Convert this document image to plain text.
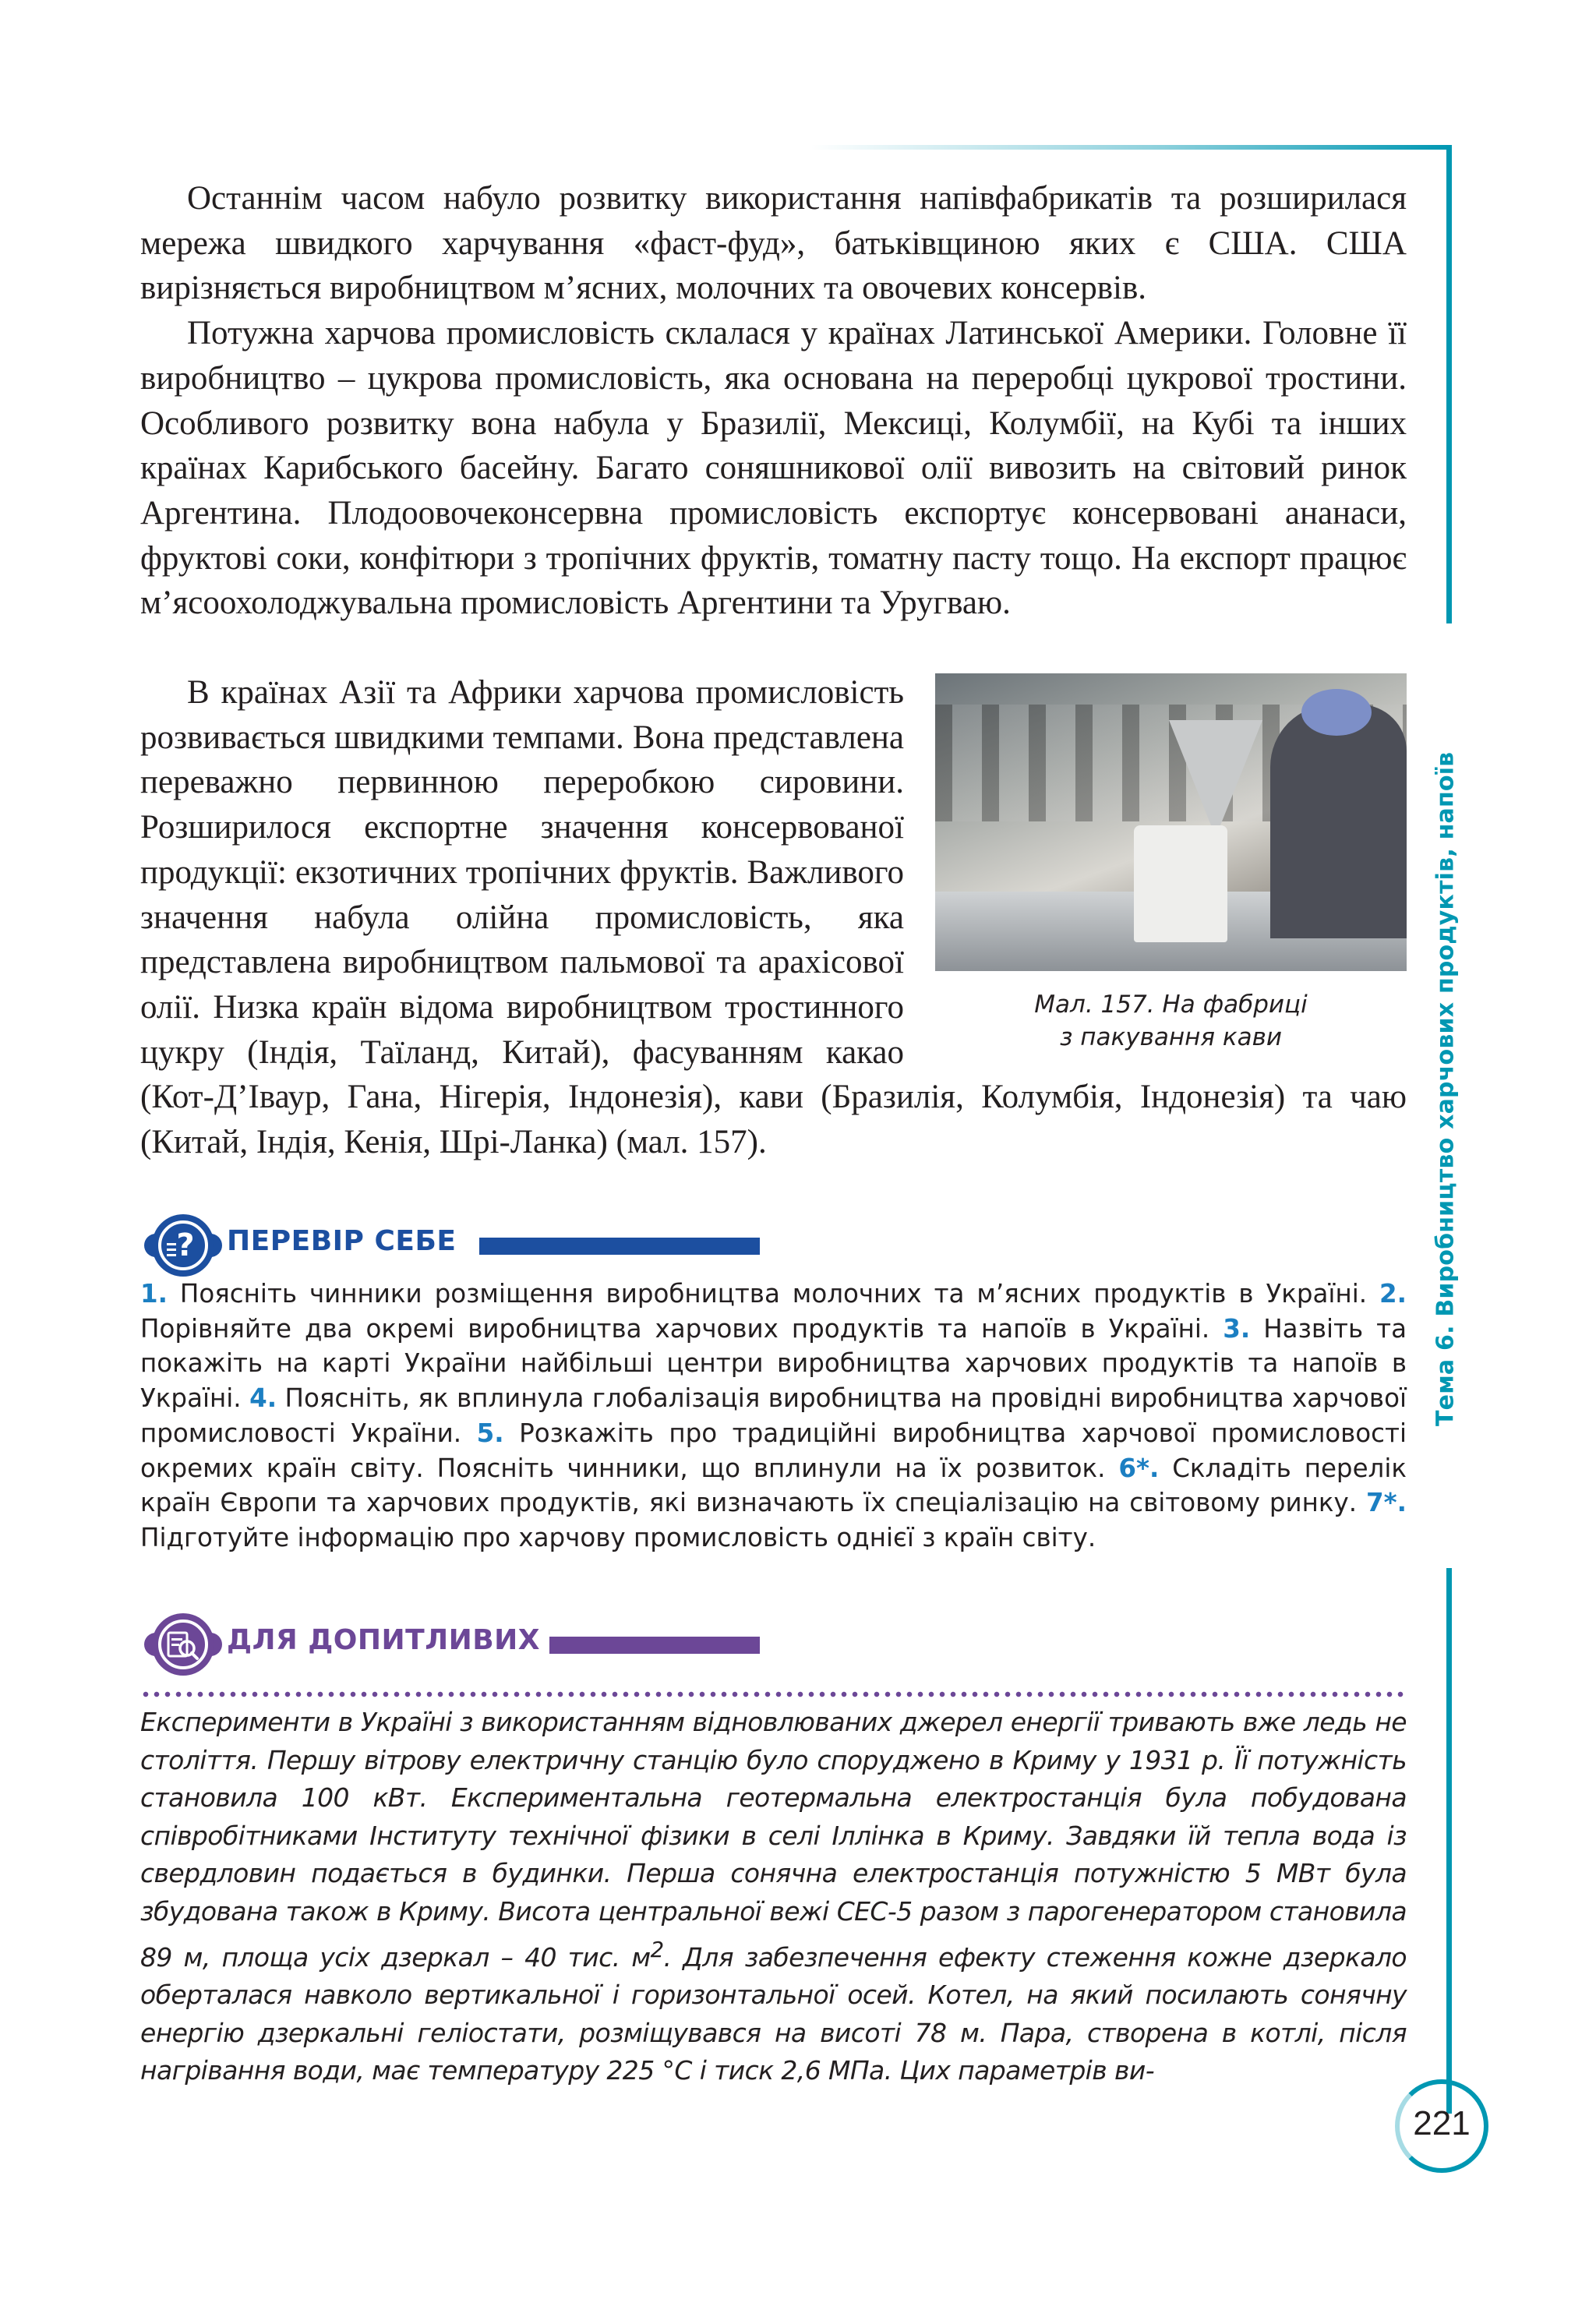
Тема 6. Виробництво харчових продуктів, напоїв
221

Останнім часом набуло розвитку використання напівфабрикатів та розширилася мережа швидкого харчування «фаст-фуд», батьківщиною яких є США. США вирізняється виробництвом м’ясних, молочних та овочевих консервів.

Потужна харчова промисловість склалася у країнах Латинської Америки. Головне її виробництво – цукрова промисловість, яка основана на переробці цукрової тростини. Особливого розвитку вона набула у Бразилії, Мексиці, Колумбії, на Кубі та інших країнах Карибського басейну. Багато соняшникової олії вивозить на світовий ринок Аргентина. Плодоовочеконсервна промисловість експортує консервовані ананаси, фруктові соки, конфітюри з тропічних фруктів, томатну пасту тощо. На експорт працює м’ясоохолоджувальна промисловість Аргентини та Уругваю.

Мал. 157. На фабриці
з пакування кави

В країнах Азії та Африки харчова промисловість розвивається швидкими темпами. Вона представлена переважно первинною переробкою сировини. Розширилося експортне значення консервованої продукції: екзотичних тропічних фруктів. Важливого значення набула олійна промисловість, яка представлена виробництвом пальмової та арахісової олії. Низка країн відома виробництвом тростинного цукру (Індія, Таїланд, Китай), фасуванням какао (Кот-Д’Іваур, Гана, Нігерія, Індонезія), кави (Бразилія, Колумбія, Індонезія) та чаю (Китай, Індія, Кенія, Шрі-Ланка) (мал. 157).

? ПЕРЕВІР СЕБЕ

1. Поясніть чинники розміщення виробництва молочних та м’ясних продуктів в Україні. 2. Порівняйте два окремі виробництва харчових продуктів та напоїв в Україні. 3. Назвіть та покажіть на карті України найбільші центри виробництва харчових продуктів та напоїв в Україні. 4. Поясніть, як вплинула глобалізація виробництва на провідні виробництва харчової промисловості України. 5. Розкажіть про традиційні виробництва харчової промисловості окремих країн світу. Поясніть чинники, що вплинули на їх розвиток. 6*. Складіть перелік країн Європи та харчових продуктів, які визначають їх спеціалізацію на світовому ринку. 7*. Підготуйте інформацію про харчову промисловість однієї з країн світу.

ДЛЯ ДОПИТЛИВИХ

Експерименти в Україні з використанням відновлюваних джерел енергії тривають вже ледь не століття. Першу вітрову електричну станцію було споруджено в Криму у 1931 р. Її потужність становила 100 кВт. Експериментальна геотермальна електростанція була побудована співробітниками Інституту технічної фізики в селі Іллінка в Криму. Завдяки їй тепла вода із свердловин подається в будинки. Перша сонячна електростанція потужністю 5 МВт була збудована також в Криму. Висота центральної вежі СЕС-5 разом з парогенератором становила 89 м, площа усіх дзеркал – 40 тис. $м^2$. Для забезпечення ефекту стеження кожне дзеркало оберталася навколо вертикальної і горизонтальної осей. Котел, на який посилають сонячну енергію дзеркальні геліостати, розміщувався на висоті 78 м. Пара, створена в котлі, після нагрівання води, має температуру 225 °С і тиск 2,6 МПа. Цих параметрів ви-
